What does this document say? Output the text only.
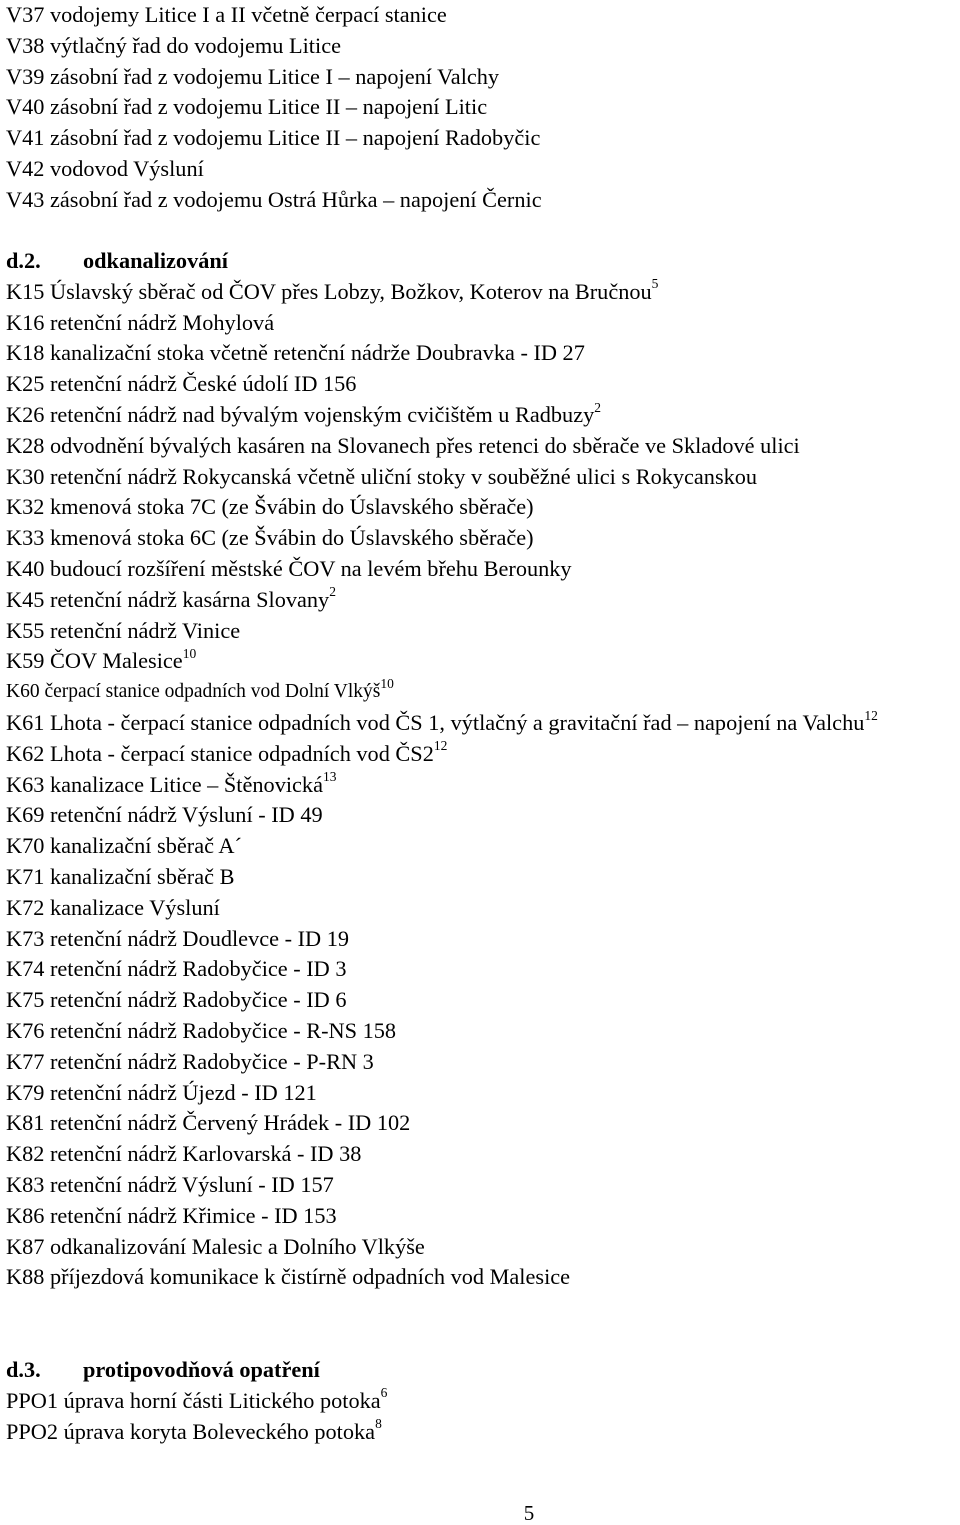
V37 vodojemy Litice I a II včetně čerpací stanice
V38 výtlačný řad do vodojemu Litice
V39 zásobní řad z vodojemu Litice I – napojení Valchy
V40 zásobní řad z vodojemu Litice II – napojení Litic
V41 zásobní řad z vodojemu Litice II – napojení Radobyčic
V42 vodovod Výsluní
V43 zásobní řad z vodojemu Ostrá Hůrka – napojení Černic
d.2. odkanalizování
K15 Úslavský sběrač od ČOV přes Lobzy, Božkov, Koterov na Bručnou$^5$
K16 retenční nádrž Mohylová
K18 kanalizační stoka včetně retenční nádrže Doubravka - ID 27
K25 retenční nádrž České údolí ID 156
K26 retenční nádrž nad bývalým vojenským cvičištěm u Radbuzy$^2$
K28 odvodnění bývalých kasáren na Slovanech přes retenci do sběrače ve Skladové ulici
K30 retenční nádrž Rokycanská včetně uliční stoky v souběžné ulici s Rokycanskou
K32 kmenová stoka 7C (ze Švábin do Úslavského sběrače)
K33 kmenová stoka 6C (ze Švábin do Úslavského sběrače)
K40 budoucí rozšíření městské ČOV na levém břehu Berounky
K45 retenční nádrž kasárna Slovany$^2$
K55 retenční nádrž Vinice
K59 ČOV Malesice$^{10}$
K60 čerpací stanice odpadních vod Dolní Vlkýš$^{10}$
K61 Lhota - čerpací stanice odpadních vod ČS 1, výtlačný a gravitační řad – napojení na Valchu$^{12}$
K62 Lhota - čerpací stanice odpadních vod $ČS2^{12}$
K63 kanalizace Litice – Štěnovická$^{13}$
K69 retenční nádrž Výsluní - ID 49
K70 kanalizační sběrač A´
K71 kanalizační sběrač B
K72 kanalizace Výsluní
K73 retenční nádrž Doudlevce - ID 19
K74 retenční nádrž Radobyčice - ID 3
K75 retenční nádrž Radobyčice - ID 6
K76 retenční nádrž Radobyčice - R-NS 158
K77 retenční nádrž Radobyčice - P-RN 3
K79 retenční nádrž Újezd - ID 121
K81 retenční nádrž Červený Hrádek - ID 102
K82 retenční nádrž Karlovarská - ID 38
K83 retenční nádrž Výsluní - ID 157
K86 retenční nádrž Křimice - ID 153
K87 odkanalizování Malesic a Dolního Vlkýše
K88 příjezdová komunikace k čistírně odpadních vod Malesice
d.3. protipovodňová opatření
PPO1 úprava horní části Litického potoka$^6$
PPO2 úprava koryta Boleveckého potoka$^8$
5
